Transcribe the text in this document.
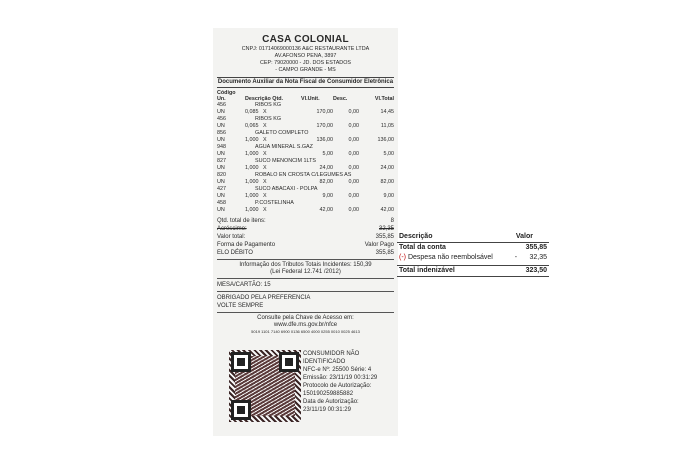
CASA COLONIAL
CNPJ: 01714069000136 A&C RESTAURANTE LTDA
AV.AFONSO PENA, 3897
CEP: 79020000 - JD. DOS ESTADOS
- CAMPO GRANDE - MS
Documento Auxiliar da Nota Fiscal de Consumidor Eletrônica
Código Un.	Descrição Qtd.	Vl.Unit.	Desc.	Vl.Total
456	RIBOS KG			
UN	0,085 X	170,00	0,00	14,45
456	RIBOS KG			
UN	0,065 X	170,00	0,00	11,05
856	GALETO COMPLETO			
UN	1,000 X	136,00	0,00	136,00
948	AGUA MINERAL S.GAZ			
UN	1,000 X	5,00	0,00	5,00
827	SUCO MENONCIM 1LTS			
UN	1,000 X	24,00	0,00	24,00
820	ROBALO EN CROSTA C/LEGUMES AS			
UN	1,000 X	82,00	0,00	82,00
427	SUCO ABACAXI - POLPA			
UN	1,000 X	9,00	0,00	9,00
458	P.COSTELINHA			
UN	1,000 X	42,00	0,00	42,00
Qtd. total de itens:	8
Acréscimo:	32,35
Valor total:	355,85
Forma de Pagamento	Valor Pago
ELO DÉBITO	355,85
Informação dos Tributos Totais Incidentes: 150,39
(Lei Federal 12.741 /2012)
MESA/CARTÃO: 15
OBRIGADO PELA PREFERENCIA
VOLTE SEMPRE
Consulte pela Chave de Acesso em:
www.dfe.ms.gov.br/nfce
5019 1101 7140 6900 0136 6500 4000 0255 0010 0025 4613
CONSUMIDOR NÃO
IDENTIFICADO
NFC-e Nº: 25500 Série: 4
Emissão: 23/11/19 00:31:29
Protocolo de Autorização:
150190259885882
Data de Autorização:
23/11/19 00:31:29
Descrição	Valor
Total da conta	355,85
(-) Despesa não reembolsável	- 32,35
Total indenizável	323,50
